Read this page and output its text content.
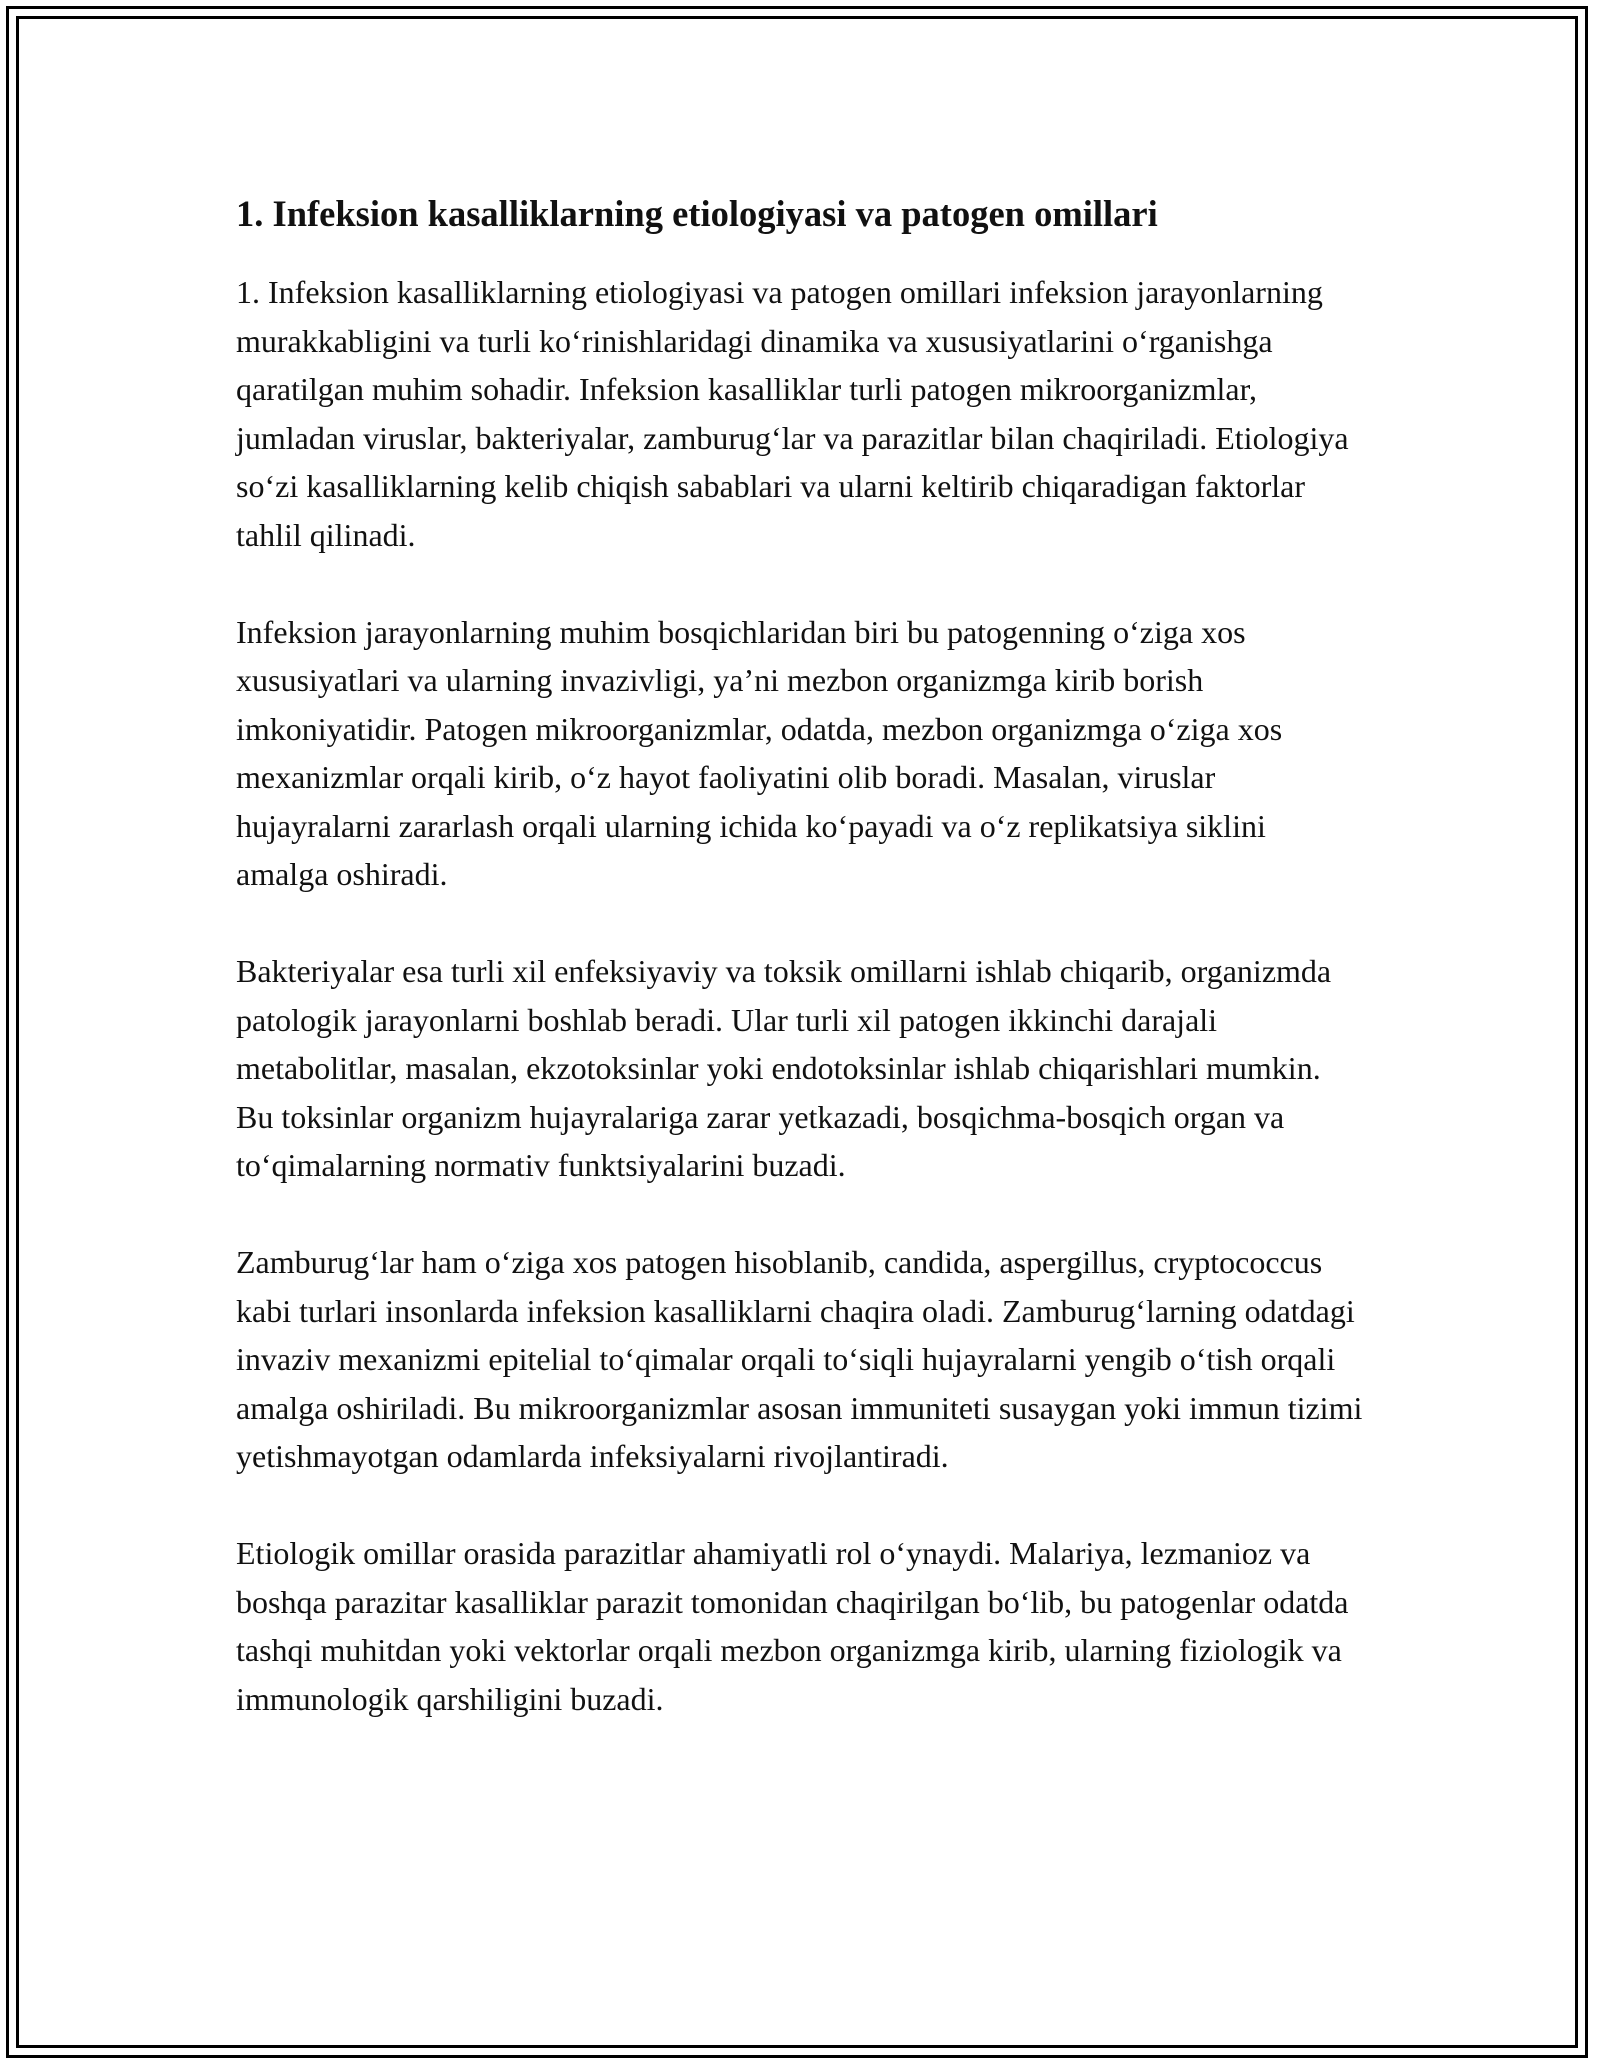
1. Infeksion kasalliklarning etiologiyasi va patogen omillari

1. Infeksion kasalliklarning etiologiyasi va patogen omillari infeksion jarayonlarning murakkabligini va turli koʻrinishlaridagi dinamika va xususiyatlarini oʻrganishga qaratilgan muhim sohadir. Infeksion kasalliklar turli patogen mikroorganizmlar, jumladan viruslar, bakteriyalar, zamburugʻlar va parazitlar bilan chaqiriladi. Etiologiya soʻzi kasalliklarning kelib chiqish sabablari va ularni keltirib chiqaradigan faktorlar tahlil qilinadi.

Infeksion jarayonlarning muhim bosqichlaridan biri bu patogenning oʻziga xos xususiyatlari va ularning invazivligi, ya’ni mezbon organizmga kirib borish imkoniyatidir. Patogen mikroorganizmlar, odatda, mezbon organizmga oʻziga xos mexanizmlar orqali kirib, oʻz hayot faoliyatini olib boradi. Masalan, viruslar hujayralarni zararlash orqali ularning ichida koʻpayadi va oʻz replikatsiya siklini amalga oshiradi.

Bakteriyalar esa turli xil enfeksiyaviy va toksik omillarni ishlab chiqarib, organizmda patologik jarayonlarni boshlab beradi. Ular turli xil patogen ikkinchi darajali metabolitlar, masalan, ekzotoksinlar yoki endotoksinlar ishlab chiqarishlari mumkin. Bu toksinlar organizm hujayralariga zarar yetkazadi, bosqichma-bosqich organ va toʻqimalarning normativ funktsiyalarini buzadi.

Zamburugʻlar ham oʻziga xos patogen hisoblanib, candida, aspergillus, cryptococcus kabi turlari insonlarda infeksion kasalliklarni chaqira oladi. Zamburugʻlarning odatdagi invaziv mexanizmi epitelial toʻqimalar orqali toʻsiqli hujayralarni yengib oʻtish orqali amalga oshiriladi. Bu mikroorganizmlar asosan immuniteti susaygan yoki immun tizimi yetishmayotgan odamlarda infeksiyalarni rivojlantiradi.

Etiologik omillar orasida parazitlar ahamiyatli rol oʻynaydi. Malariya, lezmanioz va boshqa parazitar kasalliklar parazit tomonidan chaqirilgan boʻlib, bu patogenlar odatda tashqi muhitdan yoki vektorlar orqali mezbon organizmga kirib, ularning fiziologik va immunologik qarshiligini buzadi.
